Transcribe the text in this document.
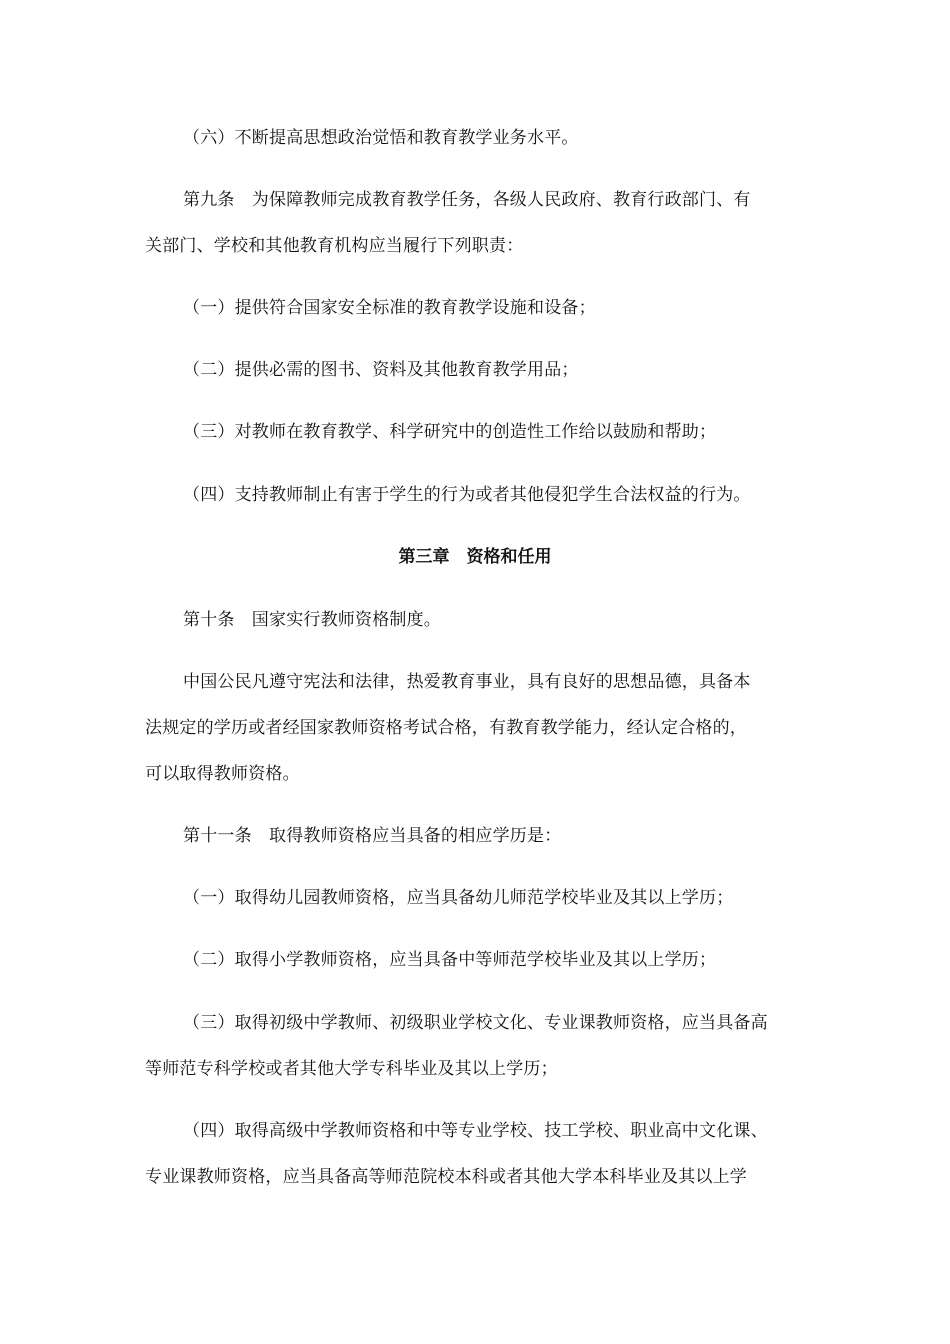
（六）不断提高思想政治觉悟和教育教学业务水平。
第九条　为保障教师完成教育教学任务，各级人民政府、教育行政部门、有
关部门、学校和其他教育机构应当履行下列职责：
（一）提供符合国家安全标准的教育教学设施和设备；
（二）提供必需的图书、资料及其他教育教学用品；
（三）对教师在教育教学、科学研究中的创造性工作给以鼓励和帮助；
（四）支持教师制止有害于学生的行为或者其他侵犯学生合法权益的行为。
第三章　资格和任用
第十条　国家实行教师资格制度。
中国公民凡遵守宪法和法律，热爱教育事业，具有良好的思想品德，具备本
法规定的学历或者经国家教师资格考试合格，有教育教学能力，经认定合格的，
可以取得教师资格。
第十一条　取得教师资格应当具备的相应学历是：
（一）取得幼儿园教师资格，应当具备幼儿师范学校毕业及其以上学历；
（二）取得小学教师资格，应当具备中等师范学校毕业及其以上学历；
（三）取得初级中学教师、初级职业学校文化、专业课教师资格，应当具备高
等师范专科学校或者其他大学专科毕业及其以上学历；
（四）取得高级中学教师资格和中等专业学校、技工学校、职业高中文化课、
专业课教师资格，应当具备高等师范院校本科或者其他大学本科毕业及其以上学
